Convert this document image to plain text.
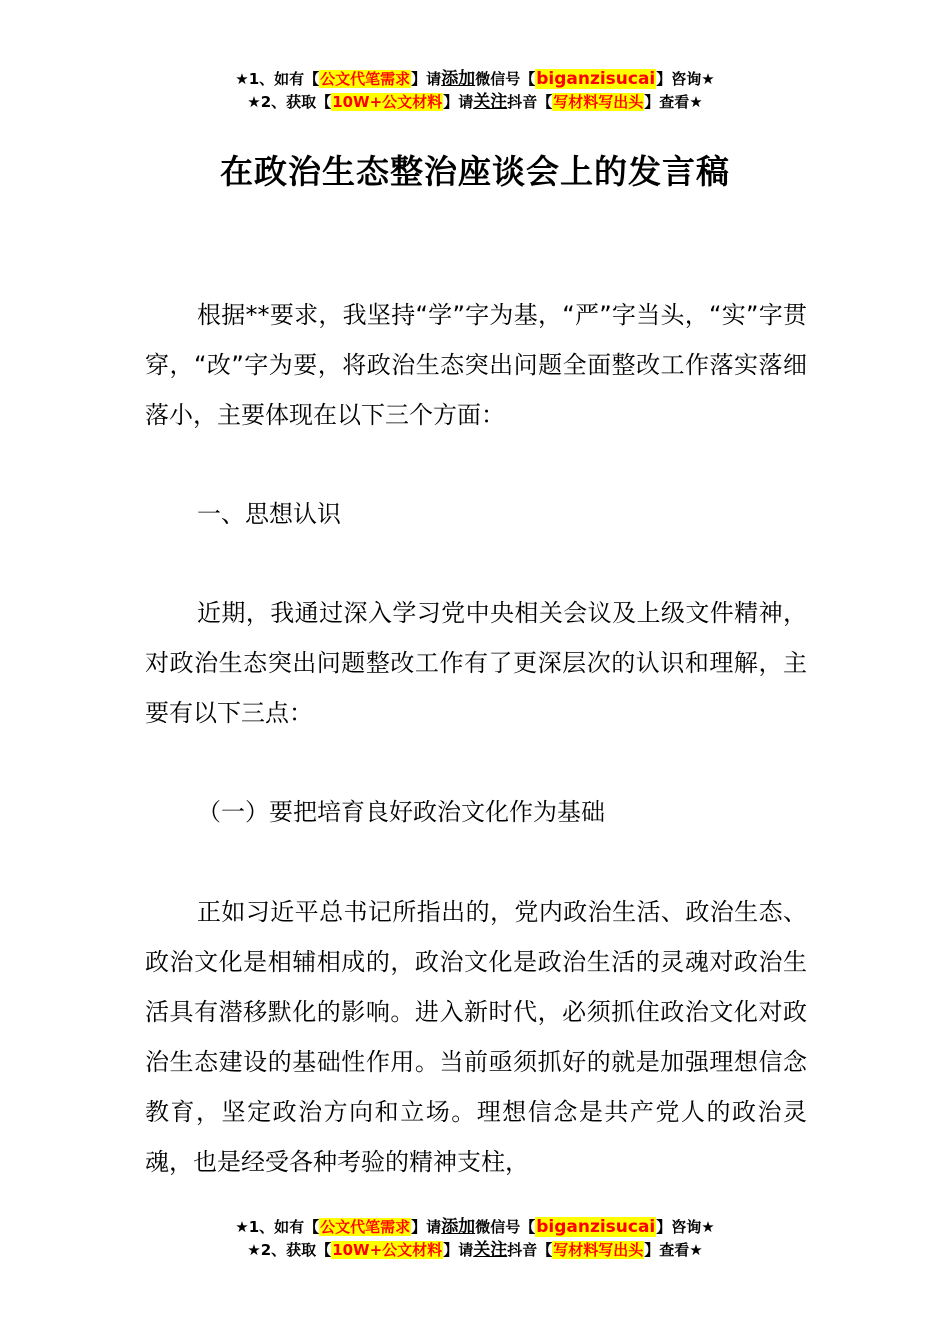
★1、如有【公文代笔需求】请添加微信号【biganzisucai】咨询★
★2、获取【10W+公文材料】请关注抖音【写材料写出头】查看★
在政治生态整治座谈会上的发言稿

根据**要求，我坚持“学”字为基，“严”字当头，“实”字贯穿，“改”字为要，将政治生态突出问题全面整改工作落实落细落小，主要体现在以下三个方面：

一、思想认识

近期，我通过深入学习党中央相关会议及上级文件精神，对政治生态突出问题整改工作有了更深层次的认识和理解，主要有以下三点：

（一）要把培育良好政治文化作为基础

正如习近平总书记所指出的，党内政治生活、政治生态、政治文化是相辅相成的，政治文化是政治生活的灵魂对政治生活具有潜移默化的影响。进入新时代，必须抓住政治文化对政治生态建设的基础性作用。当前亟须抓好的就是加强理想信念教育，坚定政治方向和立场。理想信念是共产党人的政治灵魂，也是经受各种考验的精神支柱，

★1、如有【公文代笔需求】请添加微信号【biganzisucai】咨询★
★2、获取【10W+公文材料】请关注抖音【写材料写出头】查看★
